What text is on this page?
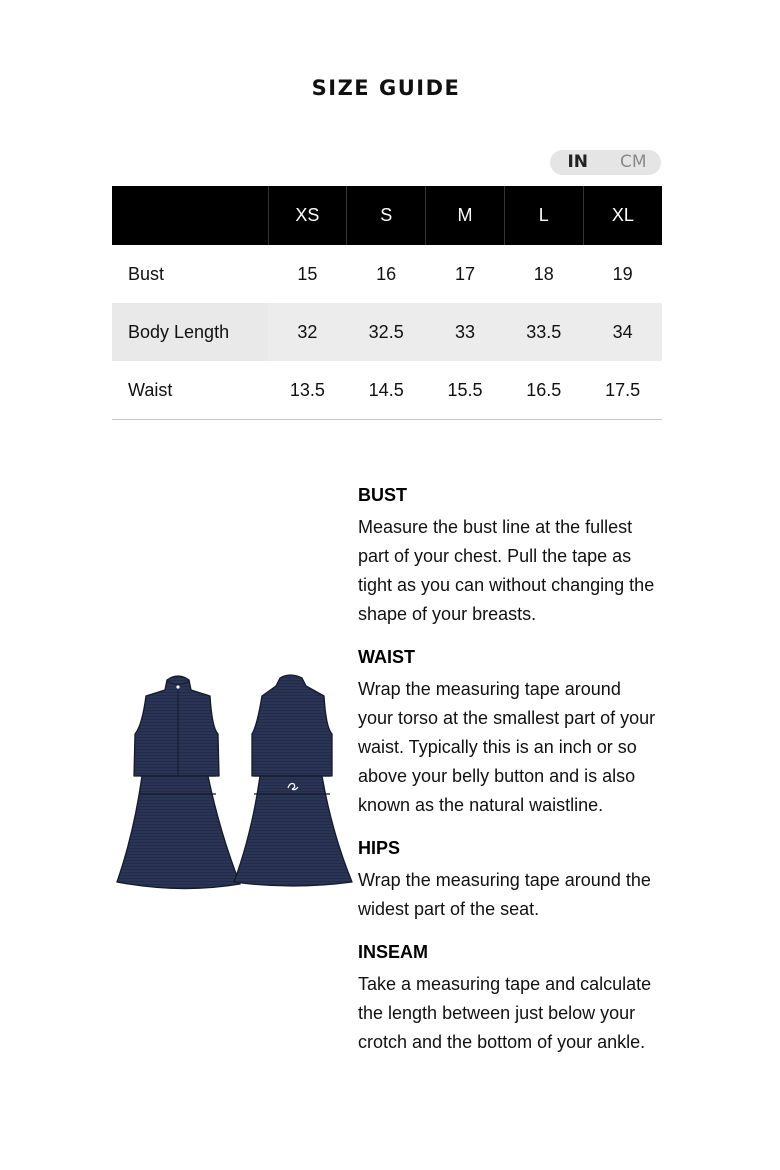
SIZE GUIDE
IN	CM
	XS	S	M	L	XL
Bust	15	16	17	18	19
Body Length	32	32.5	33	33.5	34
Waist	13.5	14.5	15.5	16.5	17.5
BUST

Measure the bust line at the fullest part of your chest. Pull the tape as tight as you can without changing the shape of your breasts.

WAIST

Wrap the measuring tape around your torso at the smallest part of your waist. Typically this is an inch or so above your belly button and is also known as the natural waistline.

HIPS

Wrap the measuring tape around the widest part of the seat.

INSEAM

Take a measuring tape and calculate the length between just below your crotch and the bottom of your ankle.
